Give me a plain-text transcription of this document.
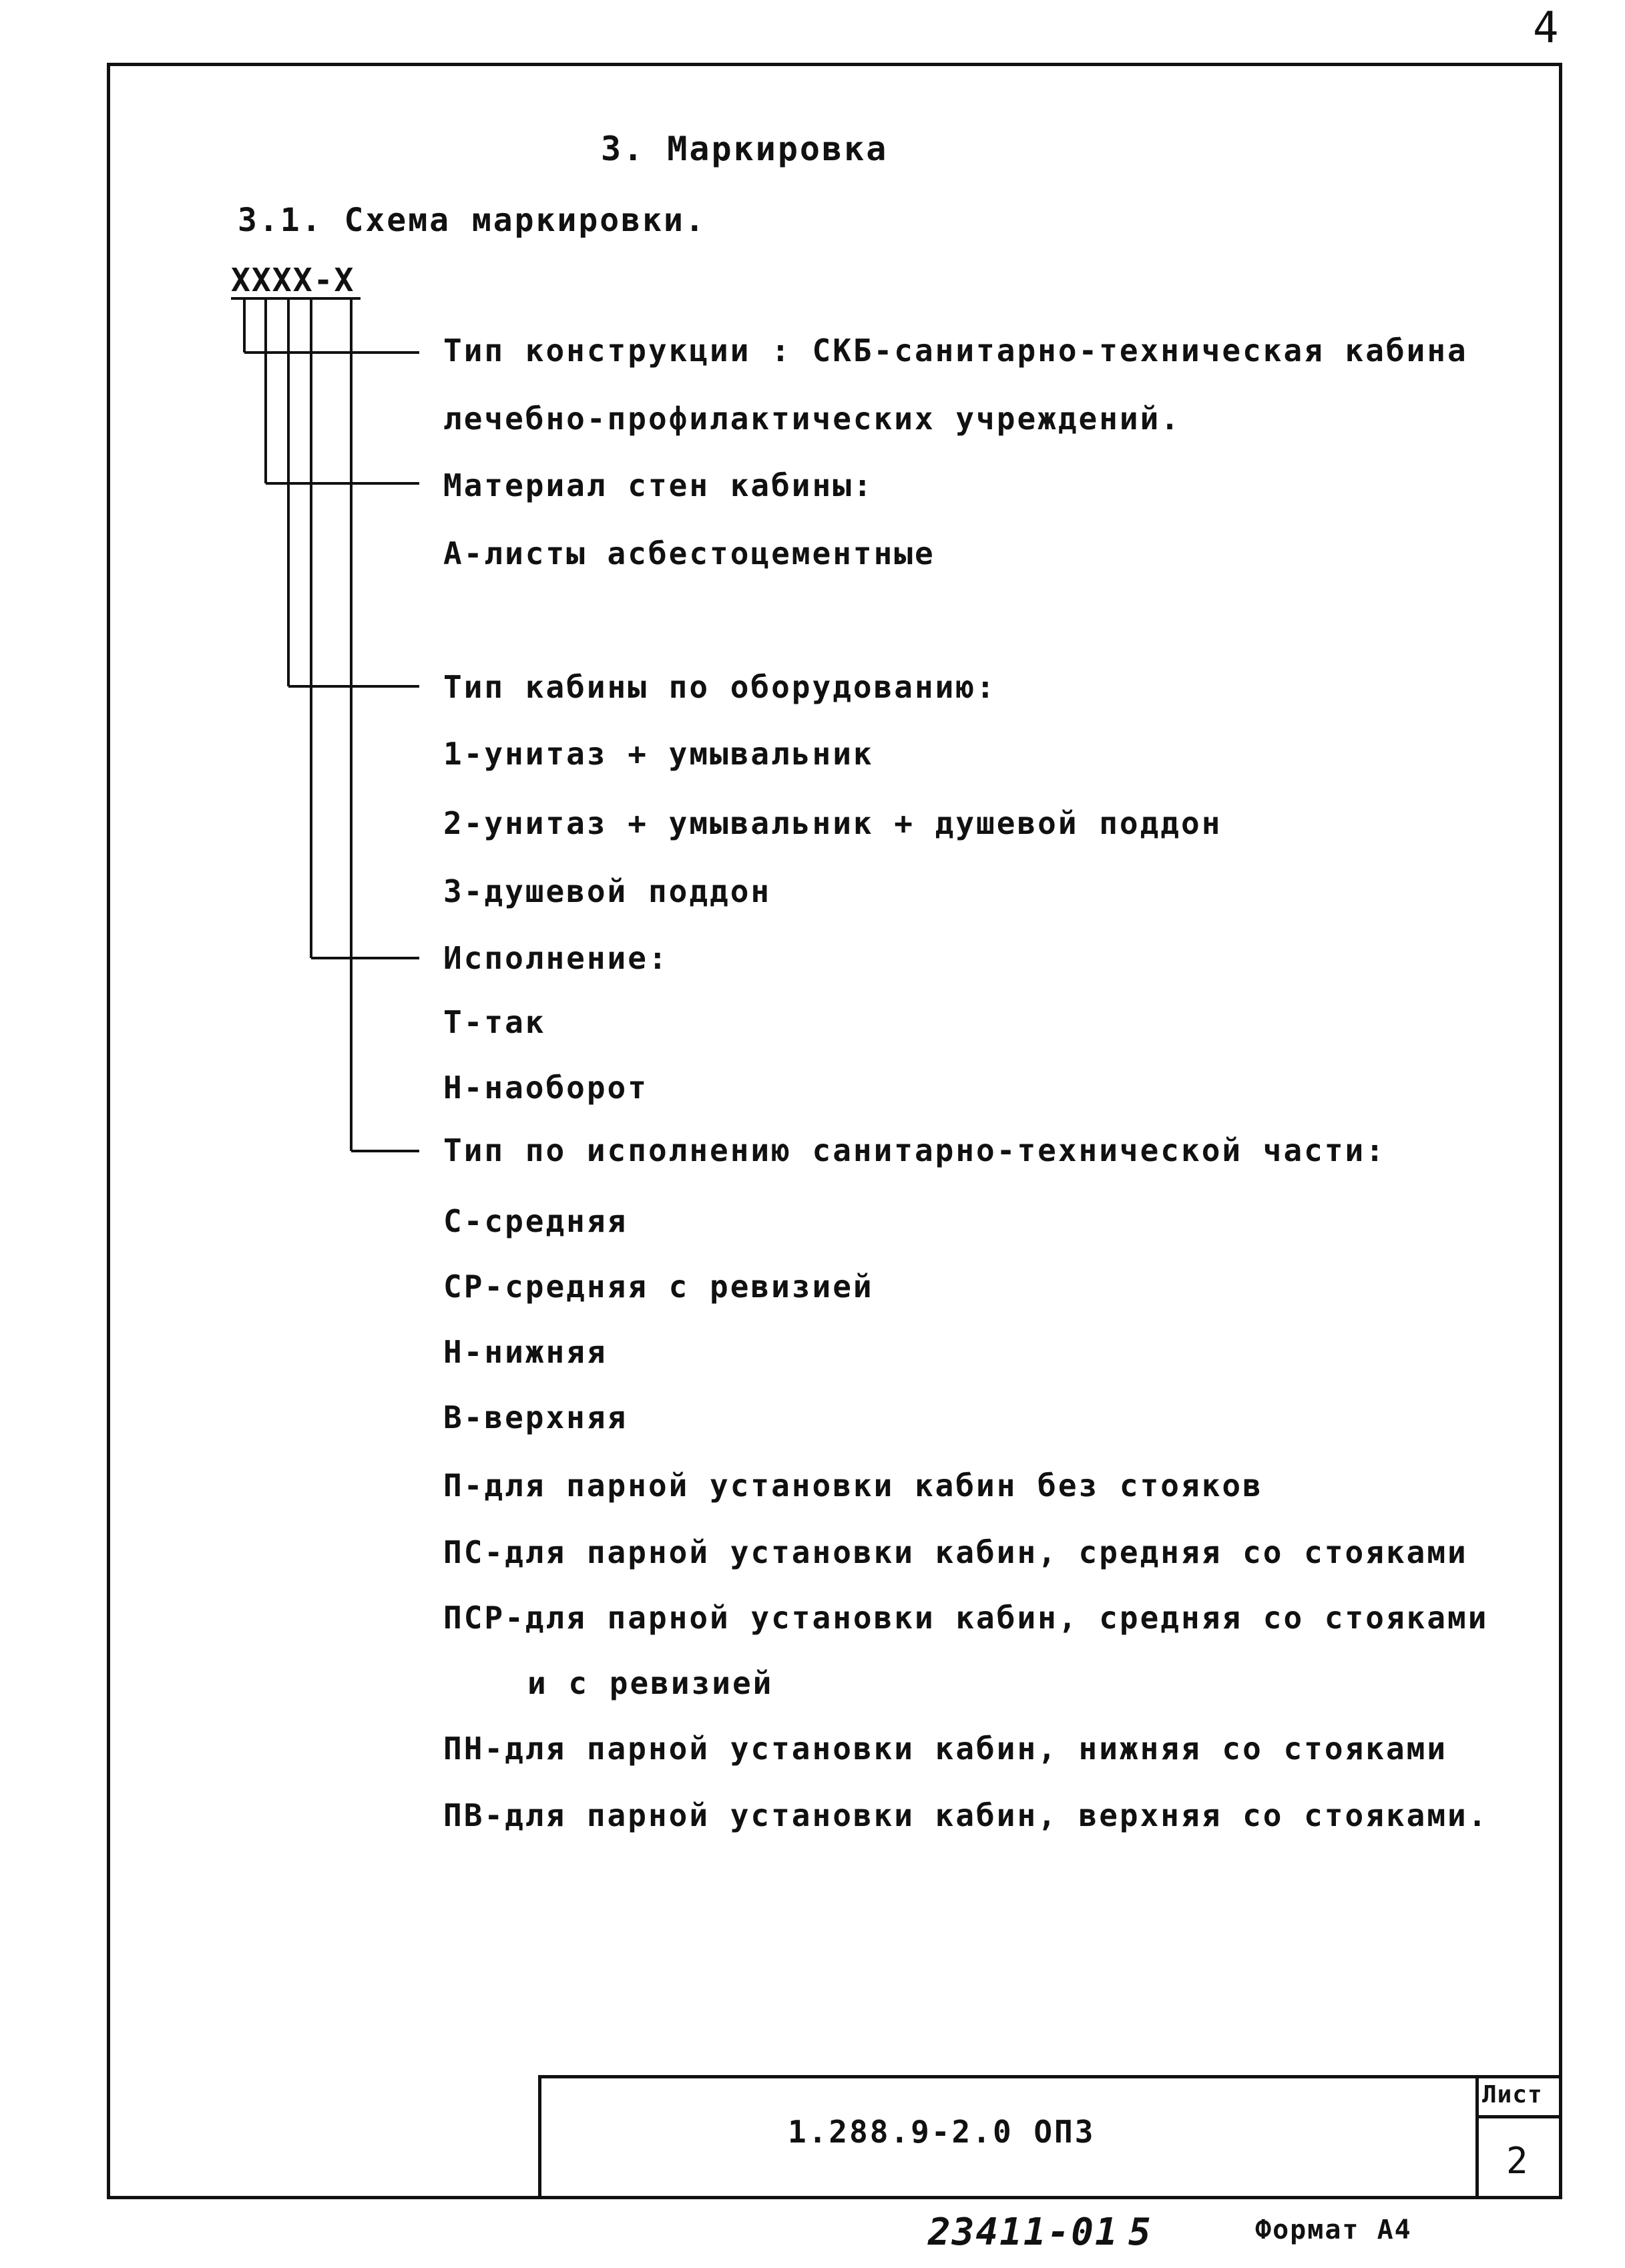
4
3. Маркировка
3.1. Схема маркировки.
ХХХХ-Х
Тип конструкции : СКБ-санитарно-техническая кабина
лечебно-профилактических учреждений.
Материал стен кабины:
А-листы асбестоцементные
Тип кабины по оборудованию:
1-унитаз + умывальник
2-унитаз + умывальник + душевой поддон
3-душевой поддон
Исполнение:
Т-так
Н-наоборот
Тип по исполнению санитарно-технической части:
С-средняя
СР-средняя с ревизией
Н-нижняя
В-верхняя
П-для парной установки кабин без стояков
ПС-для парной установки кабин, средняя со стояками
ПСР-для парной установки кабин, средняя со стояками
и с ревизией
ПН-для парной установки кабин, нижняя со стояками
ПВ-для парной установки кабин, верхняя со стояками.
1.288.9-2.0 ОПЗ
Лист
2
23411-01 5	Формат А4
